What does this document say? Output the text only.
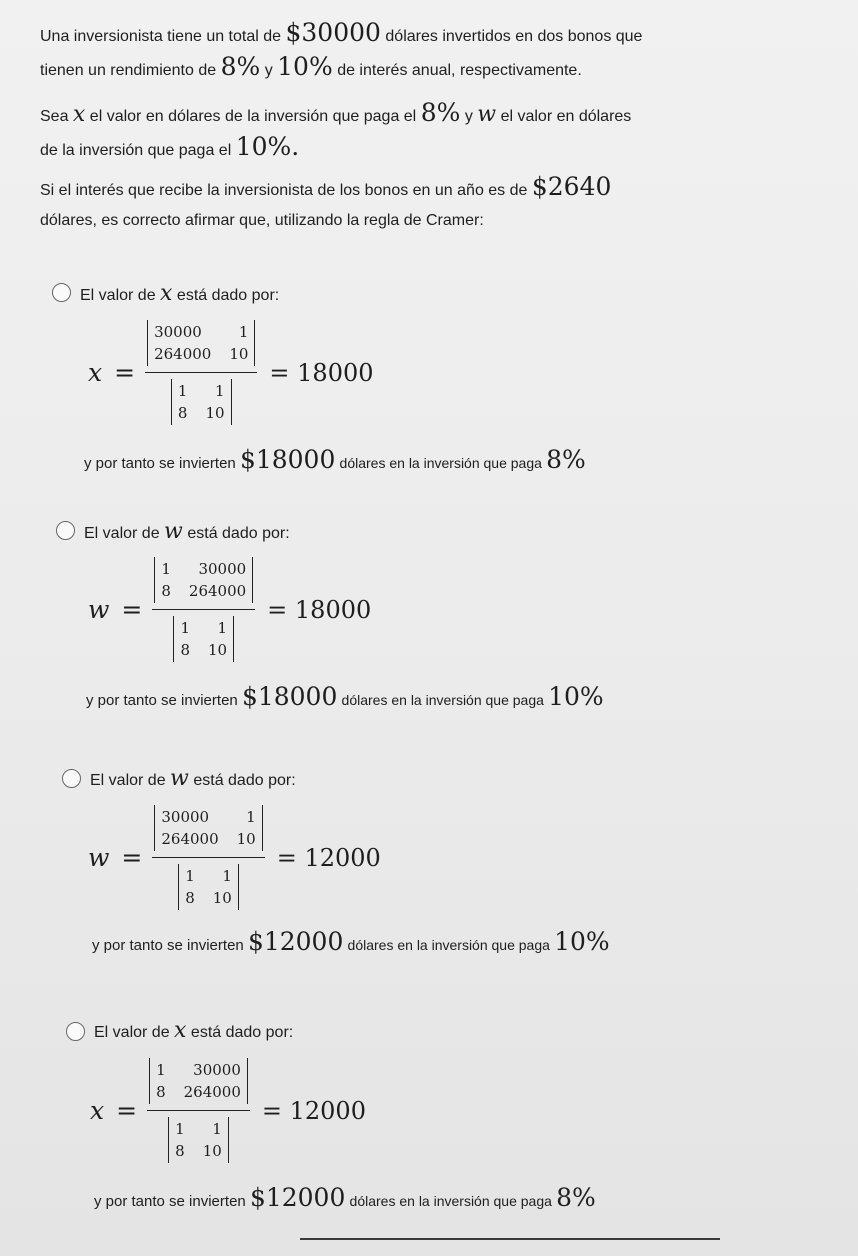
Una inversionista tiene un total de $30000 dólares invertidos en dos bonos que
tienen un rendimiento de 8% y 10% de interés anual, respectivamente.

Sea x el valor en dólares de la inversión que paga el 8% y w el valor en dólares
de la inversión que paga el 10%.

Si el interés que recibe la inversionista de los bonos en un año es de $2640
dólares, es correcto afirmar que, utilizando la regla de Cramer:

El valor de x está dado por:
x = 30000 1
264000 10
1 1
8 10 = 18000
y por tanto se invierten $18000 dólares en la inversión que paga 8%
El valor de w está dado por:
w = 1 30000
8 264000
1 1
8 10 = 18000
y por tanto se invierten $18000 dólares en la inversión que paga 10%
El valor de w está dado por:
w = 30000 1
264000 10
1 1
8 10 = 12000
y por tanto se invierten $12000 dólares en la inversión que paga 10%
El valor de x está dado por:
x = 1 30000
8 264000
1 1
8 10 = 12000
y por tanto se invierten $12000 dólares en la inversión que paga 8%
